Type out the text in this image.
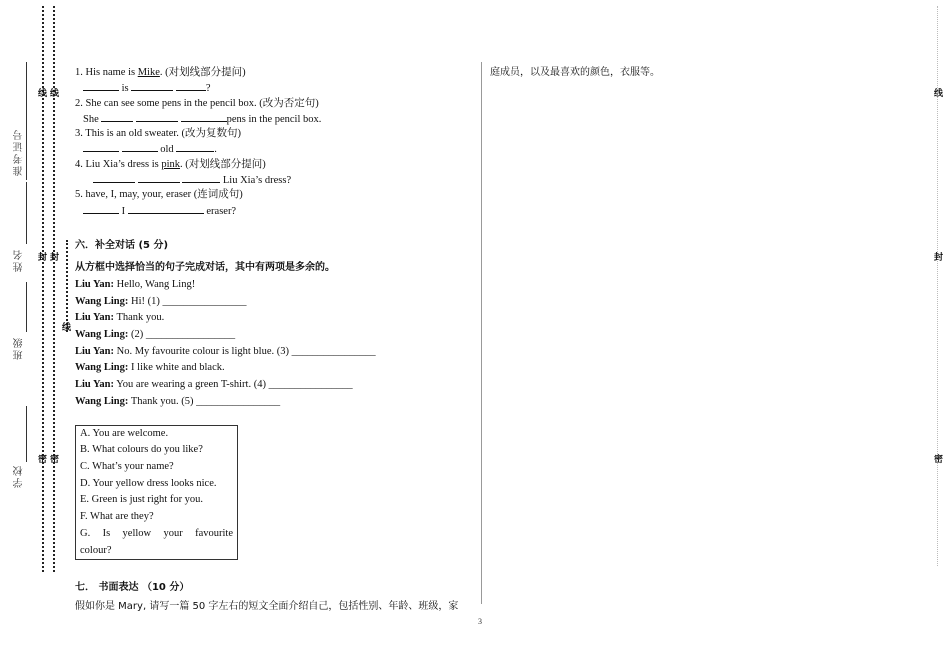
准考证号
姓名
班级
学校
线
封
密
线
封
密
线
线
封
密
1. His name is Mike. (对划线部分提问)
is	?
2. She can see some pens in the pencil box. (改为否定句)
She	pens in the pencil box.
3. This is an old sweater. (改为复数句)
old	.
4. Liu Xia’s dress is pink. (对划线部分提问)
Liu Xia’s dress?
5. have, I, may, your, eraser (连词成句)
I	eraser?
六．补全对话 (5 分)
从方框中选择恰当的句子完成对话，其中有两项是多余的。
Liu Yan: Hello, Wang Ling!
Wang Ling: Hi! (1) ________________
Liu Yan: Thank you.
Wang Ling: (2) _________________
Liu Yan: No. My favourite colour is light blue. (3) ________________
Wang Ling: I like white and black.
Liu Yan: You are wearing a green T-shirt. (4) ________________
Wang Ling: Thank you. (5) ________________
A. You are welcome.
B. What colours do you like?
C. What’s your name?
D. Your yellow dress looks nice.
E. Green is just right for you.
F. What are they?
G. Is yellow your favourite
colour?
七． 书面表达 （10 分）
假如你是 Mary, 请写一篇 50 字左右的短文全面介绍自己，包括性别、年龄、班级，家
庭成员，以及最喜欢的颜色，衣服等。
3
